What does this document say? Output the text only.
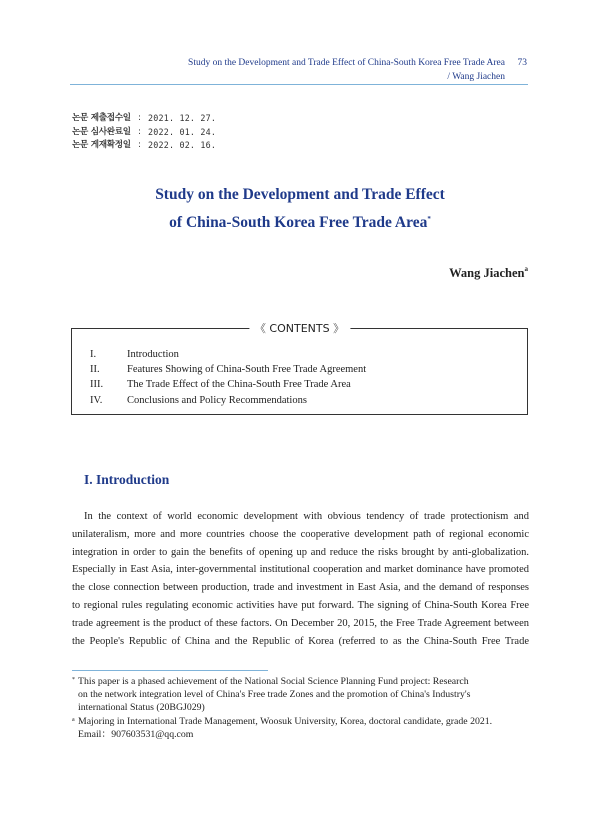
Study on the Development and Trade Effect of China-South Korea Free Trade Area 73
/ Wang Jiachen
논문 제출접수일 : 2021. 12. 27.
논문 심사완료일 : 2022. 01. 24.
논문 게재확정일 : 2022. 02. 16.
Study on the Development and Trade Effect
of China-South Korea Free Trade Area*
Wang Jiachen$^a$
《 CONTENTS 》
I.	Introduction
II.	Features Showing of China-South Free Trade Agreement
III.	The Trade Effect of the China-South Free Trade Area
IV.	Conclusions and Policy Recommendations
I. Introduction
In the context of world economic development with obvious tendency of trade protectionism and
unilateralism, more and more countries choose the cooperative development path of regional economic
integration in order to gain the benefits of opening up and reduce the risks brought by anti-globalization.
Especially in East Asia, inter-governmental institutional cooperation and market dominance have promoted
the close connection between production, trade and investment in East Asia, and the demand of responses
to regional rules regulating economic activities have put forward. The signing of China-South Korea Free
trade agreement is the product of these factors. On December 20, 2015, the Free Trade Agreement between
the People's Republic of China and the Republic of Korea (referred to as the China-South Free Trade
* This paper is a phased achievement of the National Social Science Planning Fund project: Research
on the network integration level of China's Free trade Zones and the promotion of China's Industry's
international Status (20BGJ029)
a Majoring in International Trade Management, Woosuk University, Korea, doctoral candidate, grade 2021.
Email：907603531@qq.com
